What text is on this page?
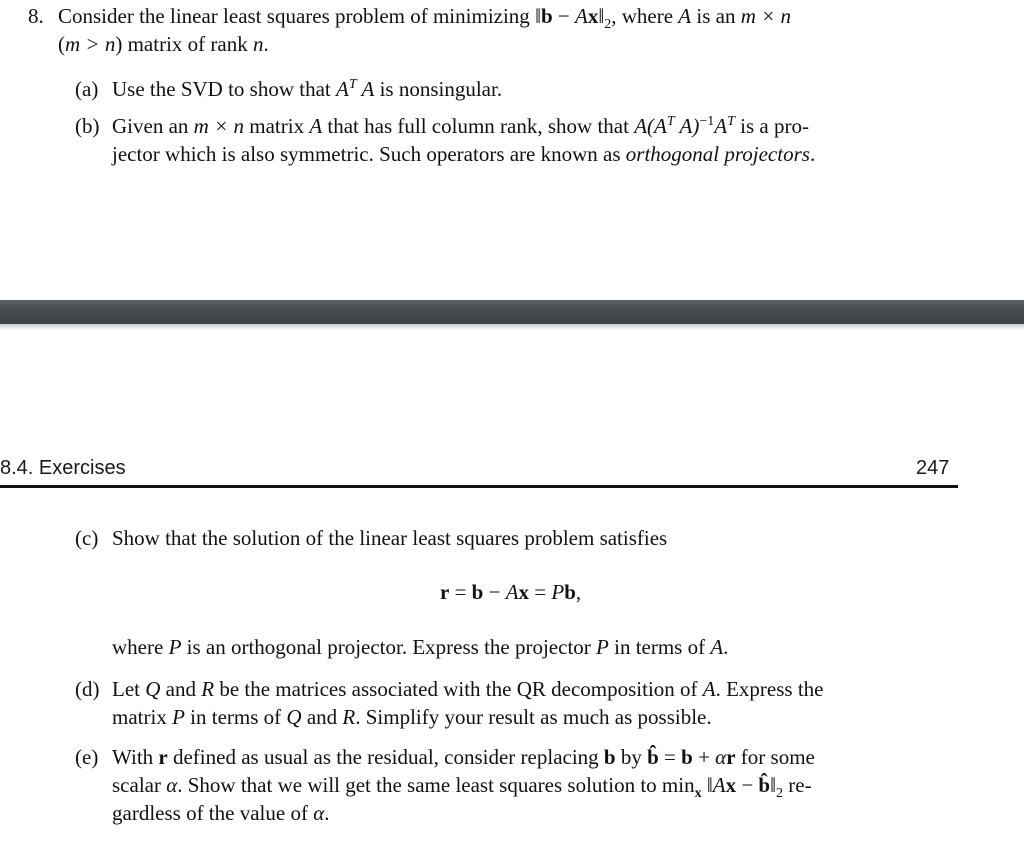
8. Consider the linear least squares problem of minimizing ‖b − $Ax‖_2$, where A is an m × n
(m > n) matrix of rank n.
(a) Use the SVD to show that $A^T$ A is nonsingular.
(b) Given an m × n matrix A that has full column rank, show that $A(A^T$ $A)^{-1}A^T$ is a pro-
jector which is also symmetric. Such operators are known as orthogonal projectors.
8.4. Exercises	247
(c) Show that the solution of the linear least squares problem satisfies
r = b − Ax = Pb,
where P is an orthogonal projector. Express the projector P in terms of A.
(d) Let Q and R be the matrices associated with the QR decomposition of A. Express the
matrix P in terms of Q and R. Simplify your result as much as possible.
(e) With r defined as usual as the residual, consider replacing b by b̂ = b + αr for some
scalar α. Show that we will get the same least squares solution to $\min_x$ ‖Ax − $b̂‖_2$ re-
gardless of the value of α.
